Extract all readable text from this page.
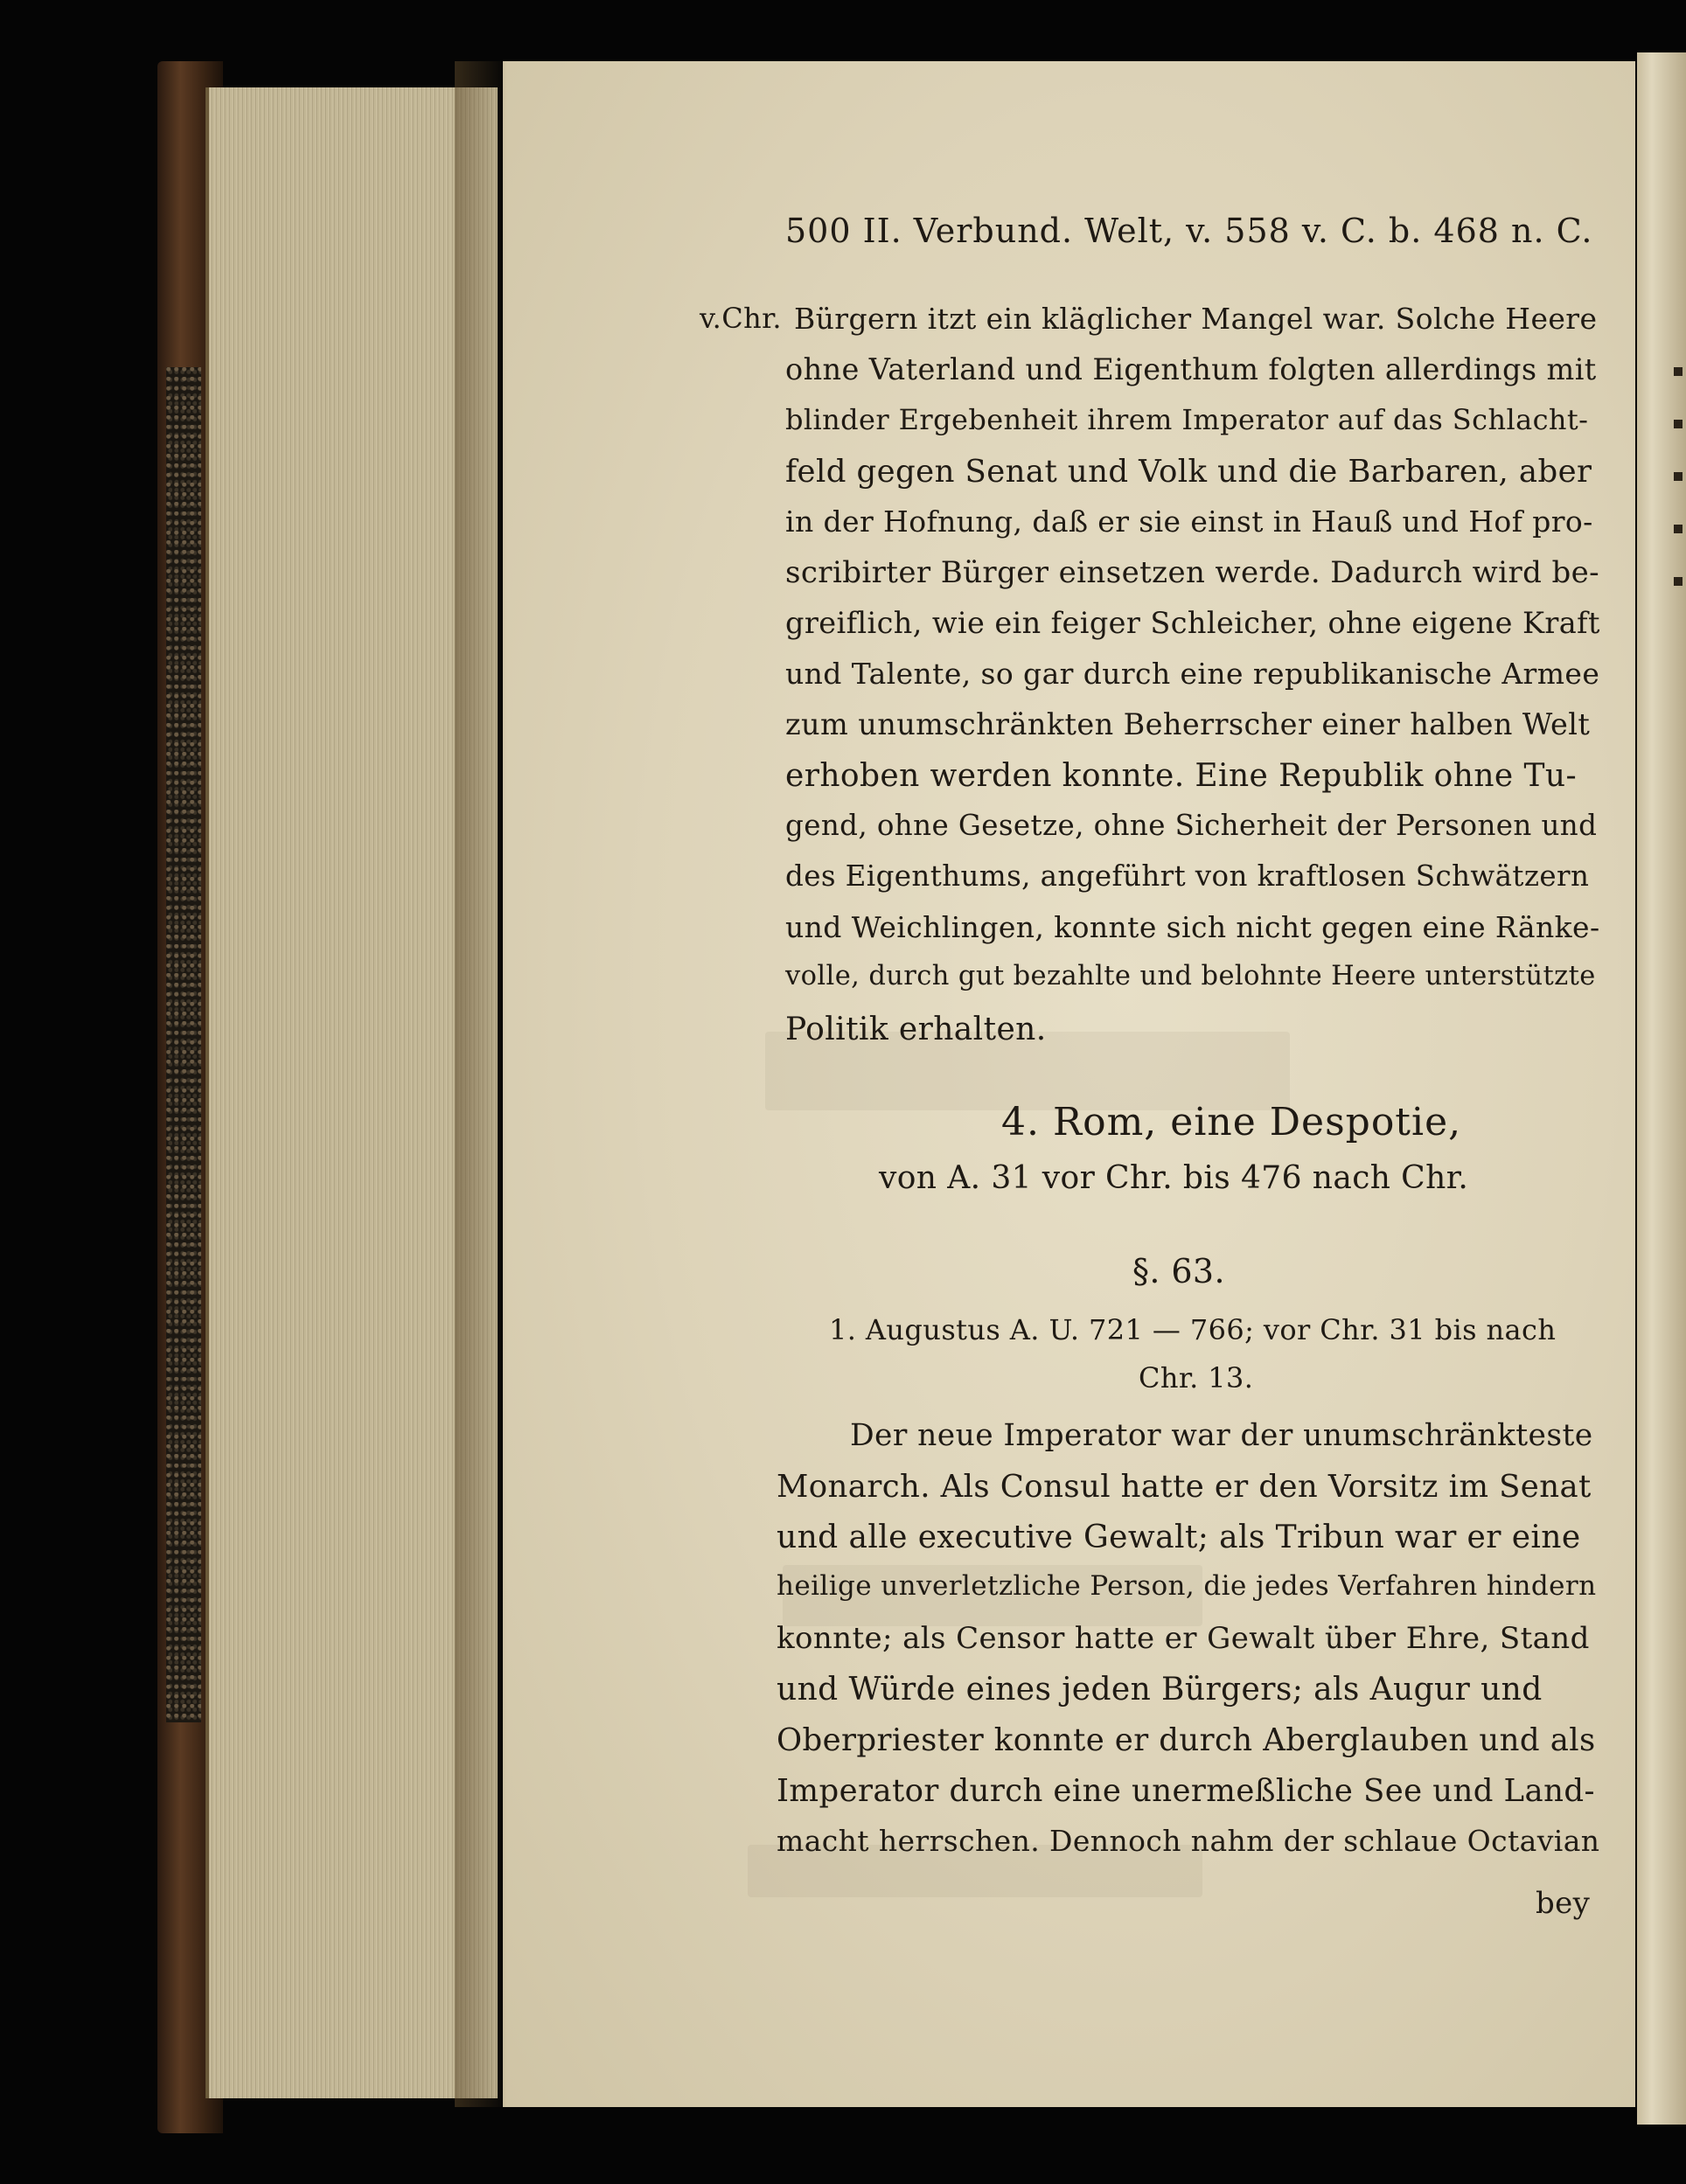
500 II. Verbund. Welt, v. 558 v. C. b. 468 n. C.
v.Chr. Bürgern itzt ein kläglicher Mangel war. Solche Heere
ohne Vaterland und Eigenthum folgten allerdings mit
blinder Ergebenheit ihrem Imperator auf das Schlacht-
feld gegen Senat und Volk und die Barbaren, aber
in der Hofnung, daß er sie einst in Hauß und Hof pro-
scribirter Bürger einsetzen werde. Dadurch wird be-
greiflich, wie ein feiger Schleicher, ohne eigene Kraft
und Talente, so gar durch eine republikanische Armee
zum unumschränkten Beherrscher einer halben Welt
erhoben werden konnte. Eine Republik ohne Tu-
gend, ohne Gesetze, ohne Sicherheit der Personen und
des Eigenthums, angeführt von kraftlosen Schwätzern
und Weichlingen, konnte sich nicht gegen eine Ränke-
volle, durch gut bezahlte und belohnte Heere unterstützte
Politik erhalten.
4. Rom, eine Despotie,
von A. 31 vor Chr. bis 476 nach Chr.
§. 63.
1. Augustus A. U. 721 — 766; vor Chr. 31 bis nach
Chr. 13.
Der neue Imperator war der unumschränkteste
Monarch. Als Consul hatte er den Vorsitz im Senat
und alle executive Gewalt; als Tribun war er eine
heilige unverletzliche Person, die jedes Verfahren hindern
konnte; als Censor hatte er Gewalt über Ehre, Stand
und Würde eines jeden Bürgers; als Augur und
Oberpriester konnte er durch Aberglauben und als
Imperator durch eine unermeßliche See und Land-
macht herrschen. Dennoch nahm der schlaue Octavian
bey
